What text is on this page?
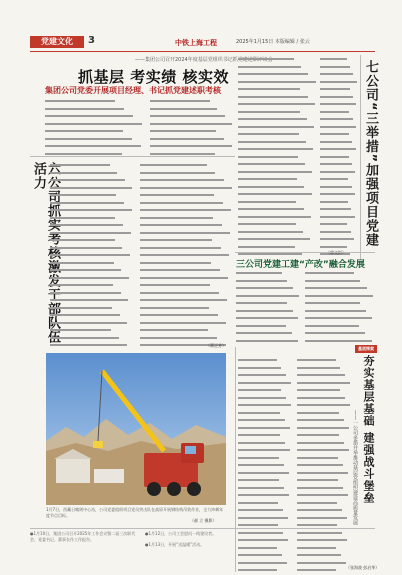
党建文化	3	中铁上海工程	2025年1月15日 本版编辑 / 张云
——集团公司召开2024年度基层党组织书记抓党建述职评议会
抓基层 考实绩 核实效
集团公司党委开展项目经理、书记抓党建述职考核	七公司“三举措”加强项目党建
六公司抓实考核激发干部队伍活力
（蒋正芳）
三公司党建工建“产改”融合发展
1月7日，西藏日喀则中心站，公司党委组织项目党员突击队在高原开展钢结构吊装作业，全力冲刺年度节点目标。
（郝 立 摄影）
●1月10日，集团公司召开2025年工作会议暨二届三次职代会，党委书记、董事长作工作报告。
●1月12日，公司工会慰问一线建设者。
●1月13日，开展“送温暖”活动。
基层探索
夯实基层基础 建强战斗堡垒
——一公司多措并举推动基层党组织建设高质量发展
（张海波 彭启华）
